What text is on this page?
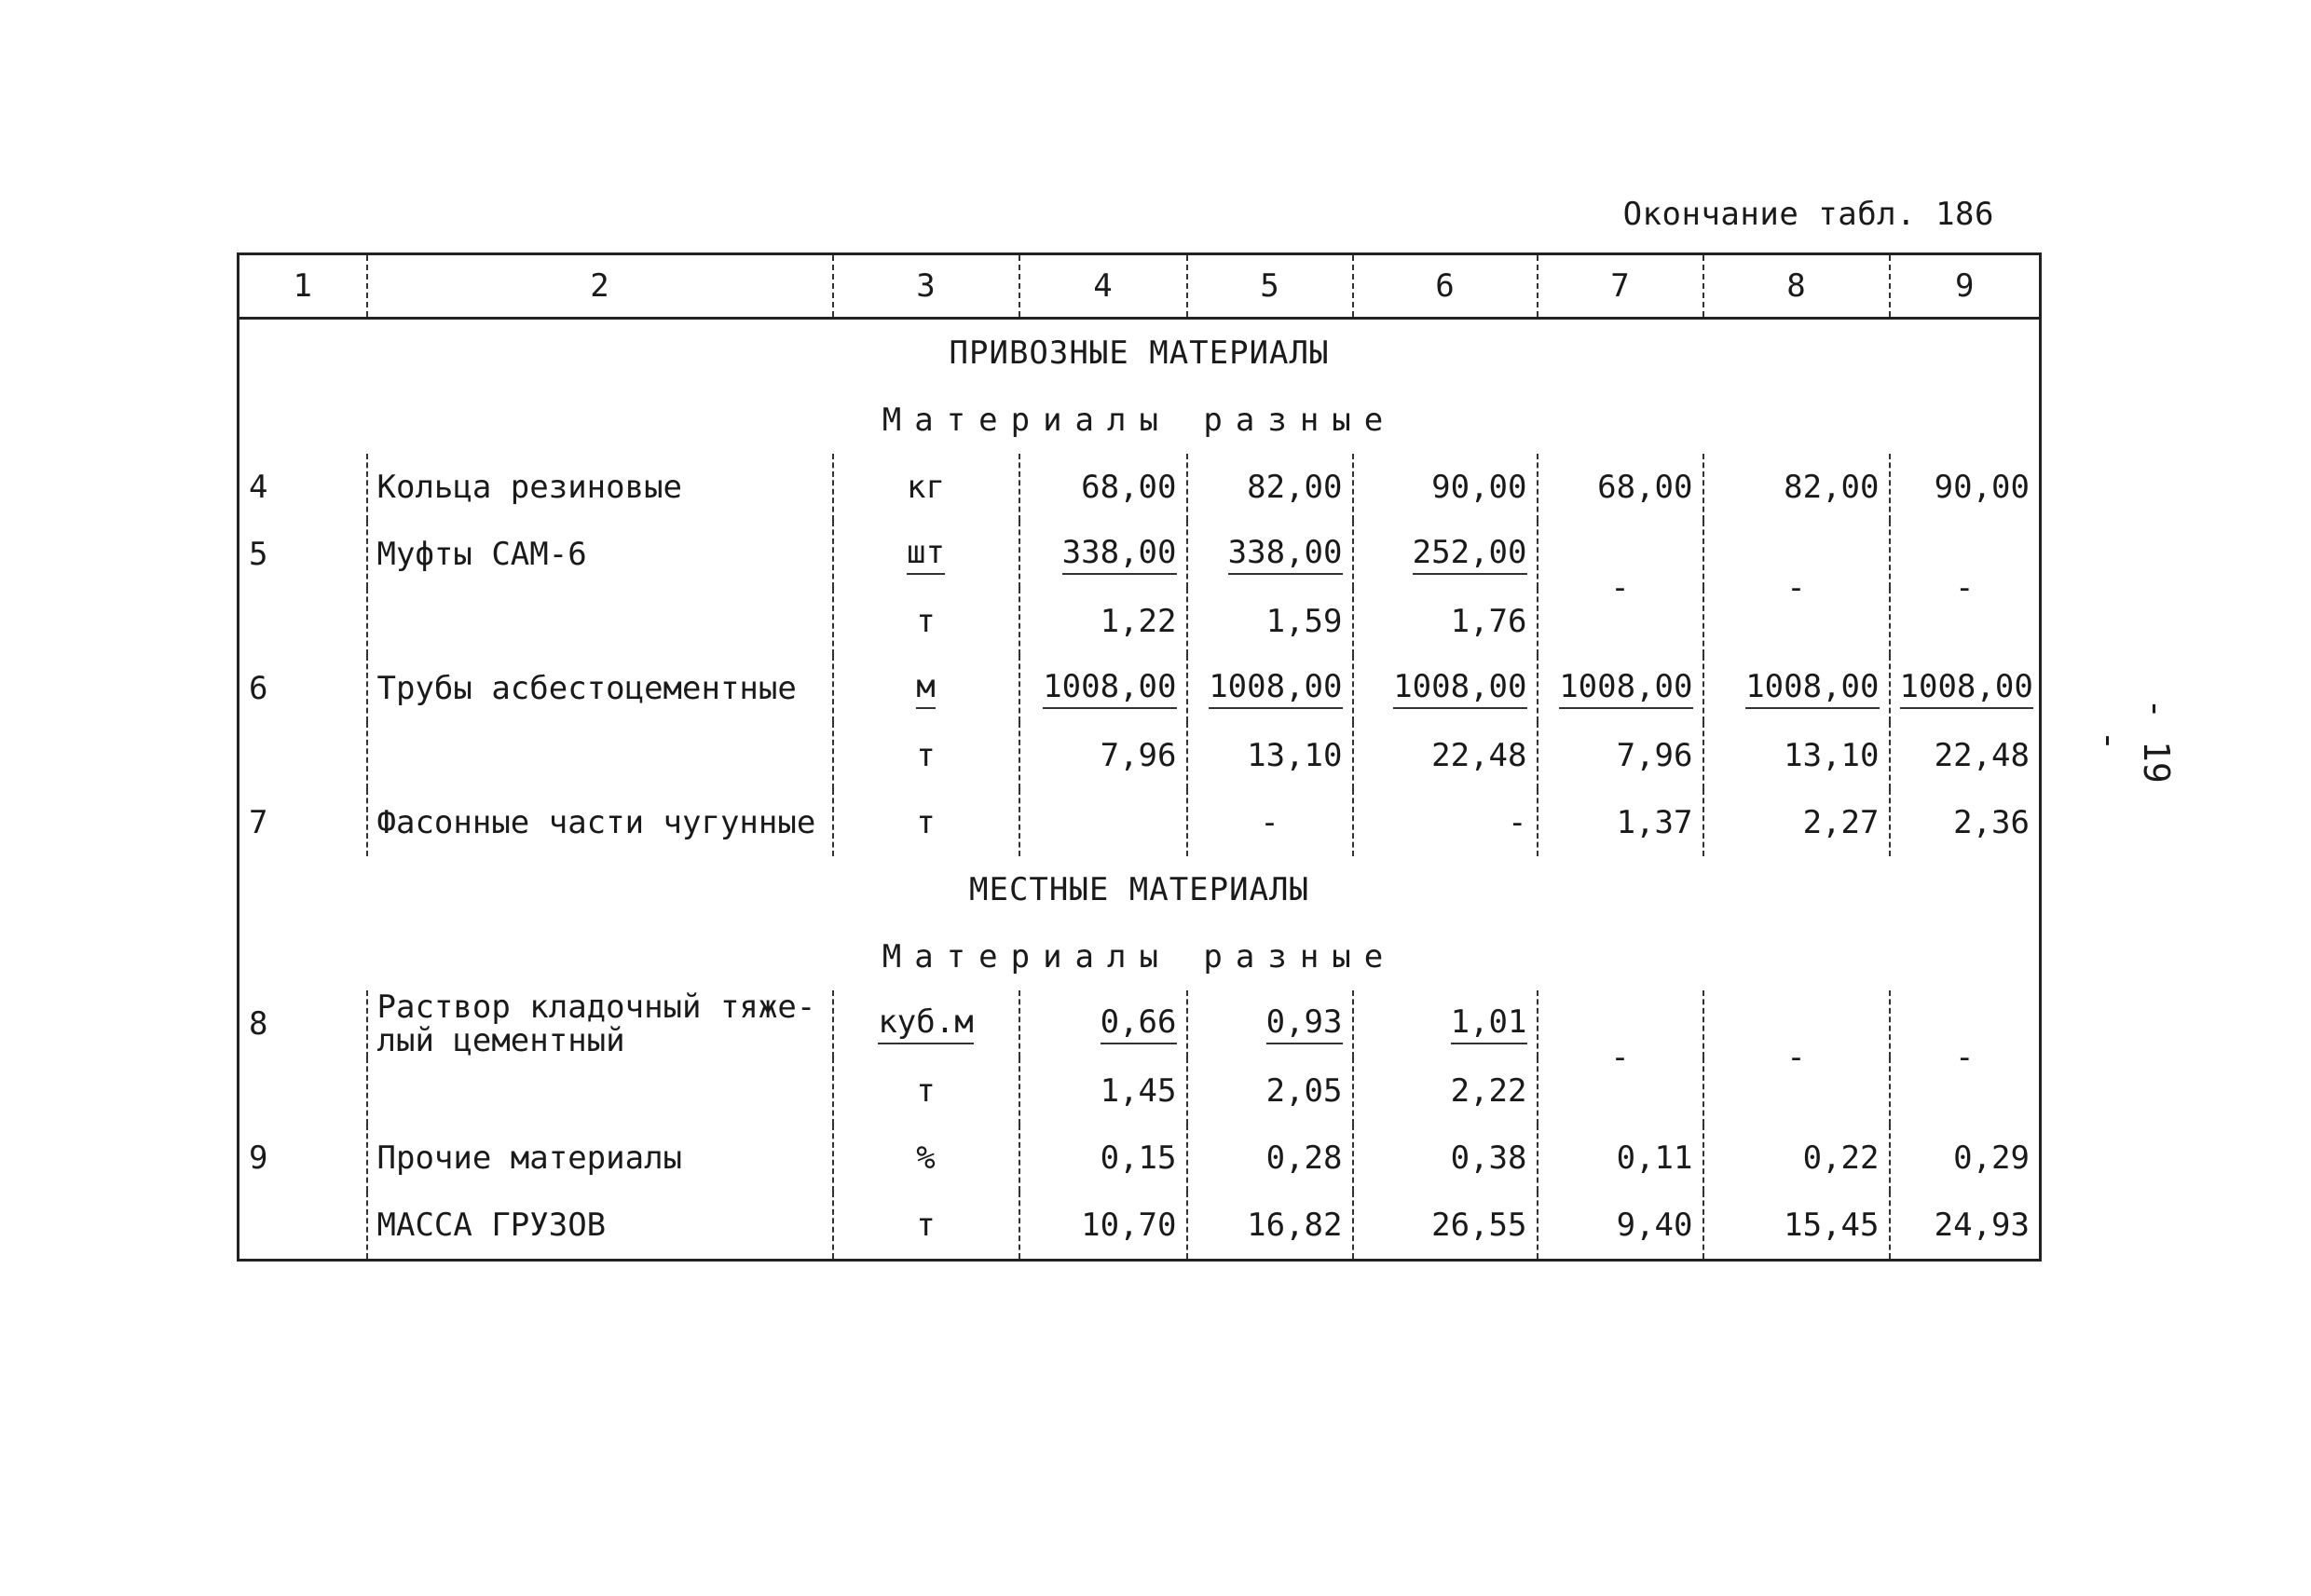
Окончание табл. 186
- 19 -
1	2	3	4	5	6	7	8	9
ПРИВОЗНЫЕ МАТЕРИАЛЫ								
Материалы разные								
4	Кольца резиновые	кг	68,00	82,00	90,00	68,00	82,00	90,00
5	Муфты САМ-6	шт	338,00	338,00	252,00	-	-	-
		т	1,22	1,59	1,76			
6	Трубы асбестоцементные	м	1008,00	1008,00	1008,00	1008,00	1008,00	1008,00
		т	7,96	13,10	22,48	7,96	13,10	22,48
7	Фасонные части чугунные	т		-	-	1,37	2,27	2,36
МЕСТНЫЕ МАТЕРИАЛЫ								
Материалы разные								
8	Раствор кладочный тяже-
лый цементный	куб.м	0,66	0,93	1,01	-	-	-
		т	1,45	2,05	2,22			
9	Прочие материалы	%	0,15	0,28	0,38	0,11	0,22	0,29
	МАССА ГРУЗОВ	т	10,70	16,82	26,55	9,40	15,45	24,93
